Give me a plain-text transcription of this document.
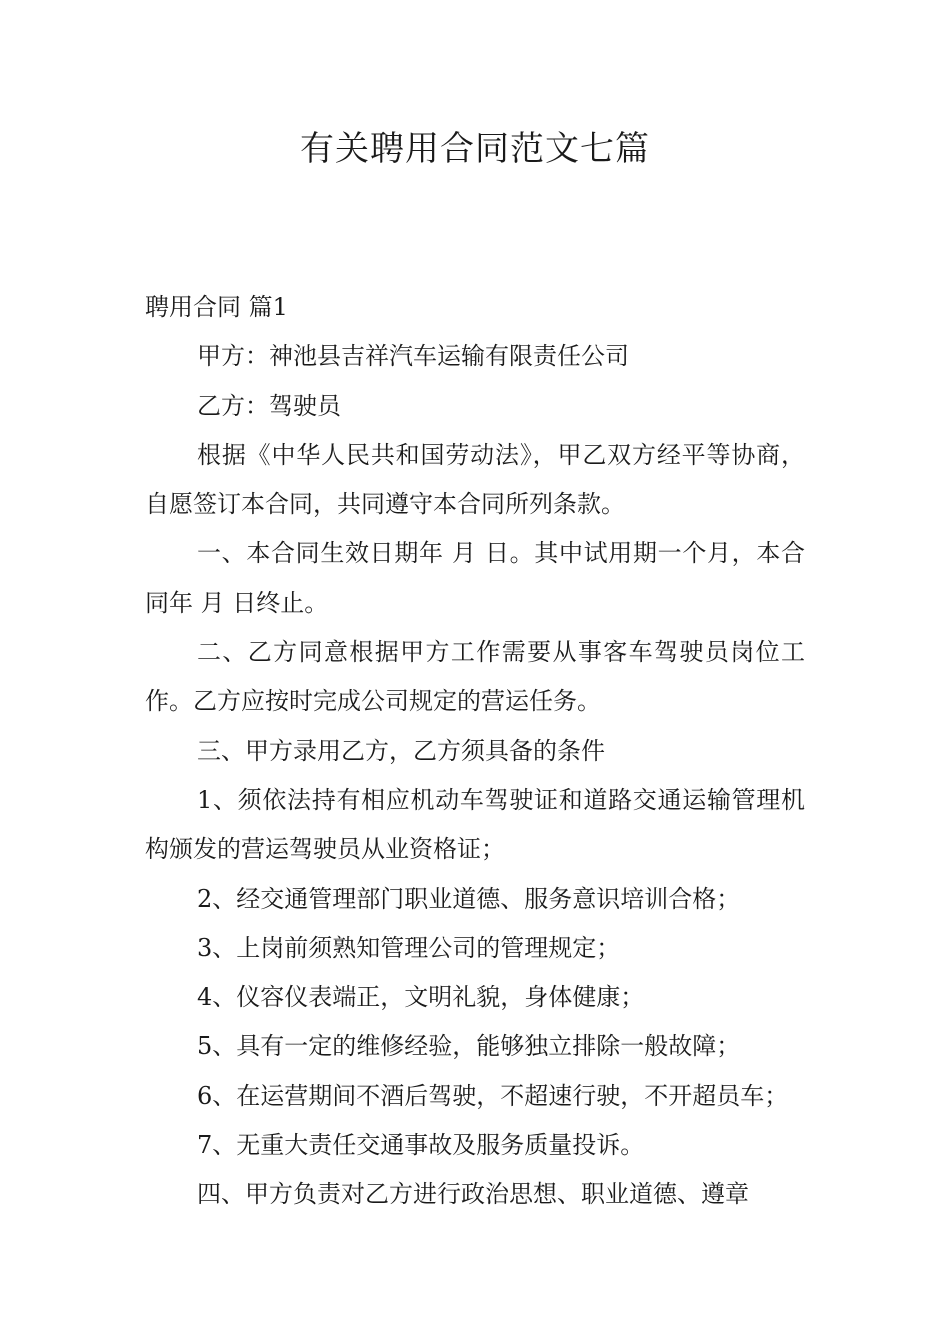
有关聘用合同范文七篇

聘用合同 篇1

甲方：神池县吉祥汽车运输有限责任公司

乙方：驾驶员

根据《中华人民共和国劳动法》，甲乙双方经平等协商，自愿签订本合同，共同遵守本合同所列条款。

一、本合同生效日期年 月 日。其中试用期一个月，本合同年 月 日终止。

二、乙方同意根据甲方工作需要从事客车驾驶员岗位工作。乙方应按时完成公司规定的营运任务。

三、甲方录用乙方，乙方须具备的条件

1、须依法持有相应机动车驾驶证和道路交通运输管理机构颁发的营运驾驶员从业资格证；

2、经交通管理部门职业道德、服务意识培训合格；

3、上岗前须熟知管理公司的管理规定；

4、仪容仪表端正，文明礼貌，身体健康；

5、具有一定的维修经验，能够独立排除一般故障；

6、在运营期间不酒后驾驶，不超速行驶，不开超员车；

7、无重大责任交通事故及服务质量投诉。

四、甲方负责对乙方进行政治思想、职业道德、遵章
